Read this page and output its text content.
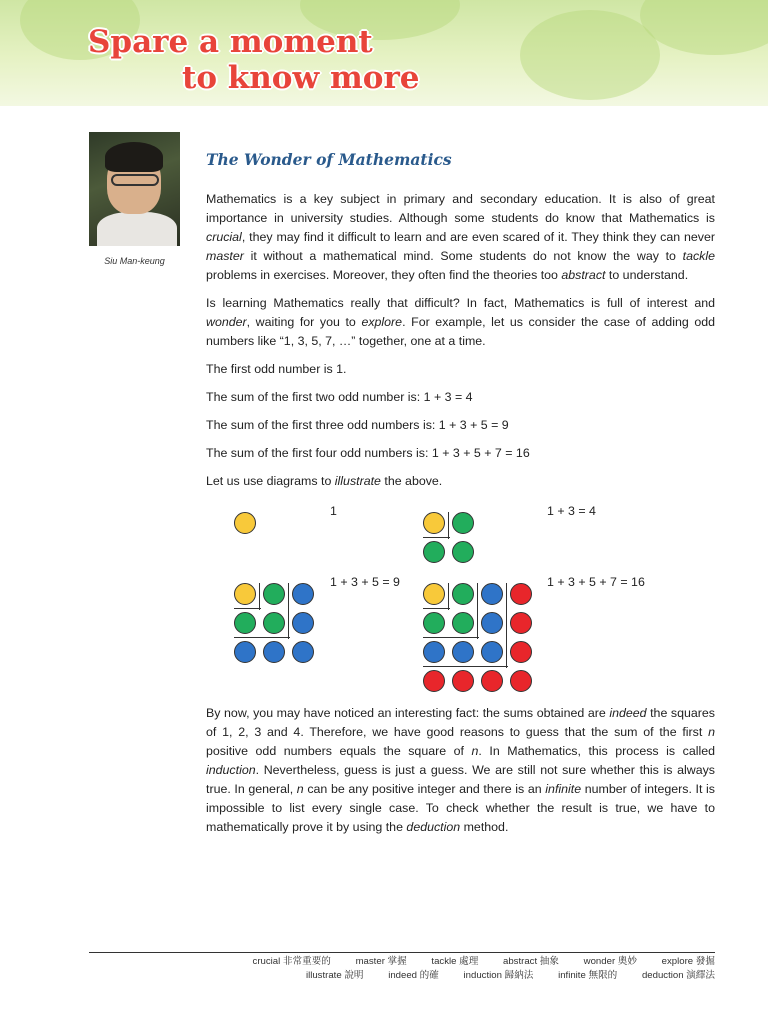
Spare a moment
to know more
Siu Man-keung
The Wonder of Mathematics

Mathematics is a key subject in primary and secondary education. It is also of great importance in university studies. Although some students do know that Mathematics is crucial, they may find it difficult to learn and are even scared of it. They think they can never master it without a mathematical mind. Some students do not know the way to tackle problems in exercises. Moreover, they often find the theories too abstract to understand.

Is learning Mathematics really that difficult? In fact, Mathematics is full of interest and wonder, waiting for you to explore. For example, let us consider the case of adding odd numbers like “1, 3, 5, 7, …” together, one at a time.

The first odd number is 1.

The sum of the first two odd number is: 1 + 3 = 4

The sum of the first three odd numbers is: 1 + 3 + 5 = 9

The sum of the first four odd numbers is: 1 + 3 + 5 + 7 = 16

Let us use diagrams to illustrate the above.

1	1 + 3 = 4
1 + 3 + 5 = 9	1 + 3 + 5 + 7 = 16

By now, you may have noticed an interesting fact: the sums obtained are indeed the squares of 1, 2, 3 and 4. Therefore, we have good reasons to guess that the sum of the first n positive odd numbers equals the square of n. In Mathematics, this process is called induction. Nevertheless, guess is just a guess. We are still not sure whether this is always true. In general, n can be any positive integer and there is an infinite number of integers. It is impossible to list every single case. To check whether the result is true, we have to mathematically prove it by using the deduction method.

crucial 非常重要的	master 掌握	tackle 處理	abstract 抽象	wonder 奧妙	explore 發掘
illustrate 說明	indeed 的確	induction 歸納法	infinite 無限的	deduction 演繹法
